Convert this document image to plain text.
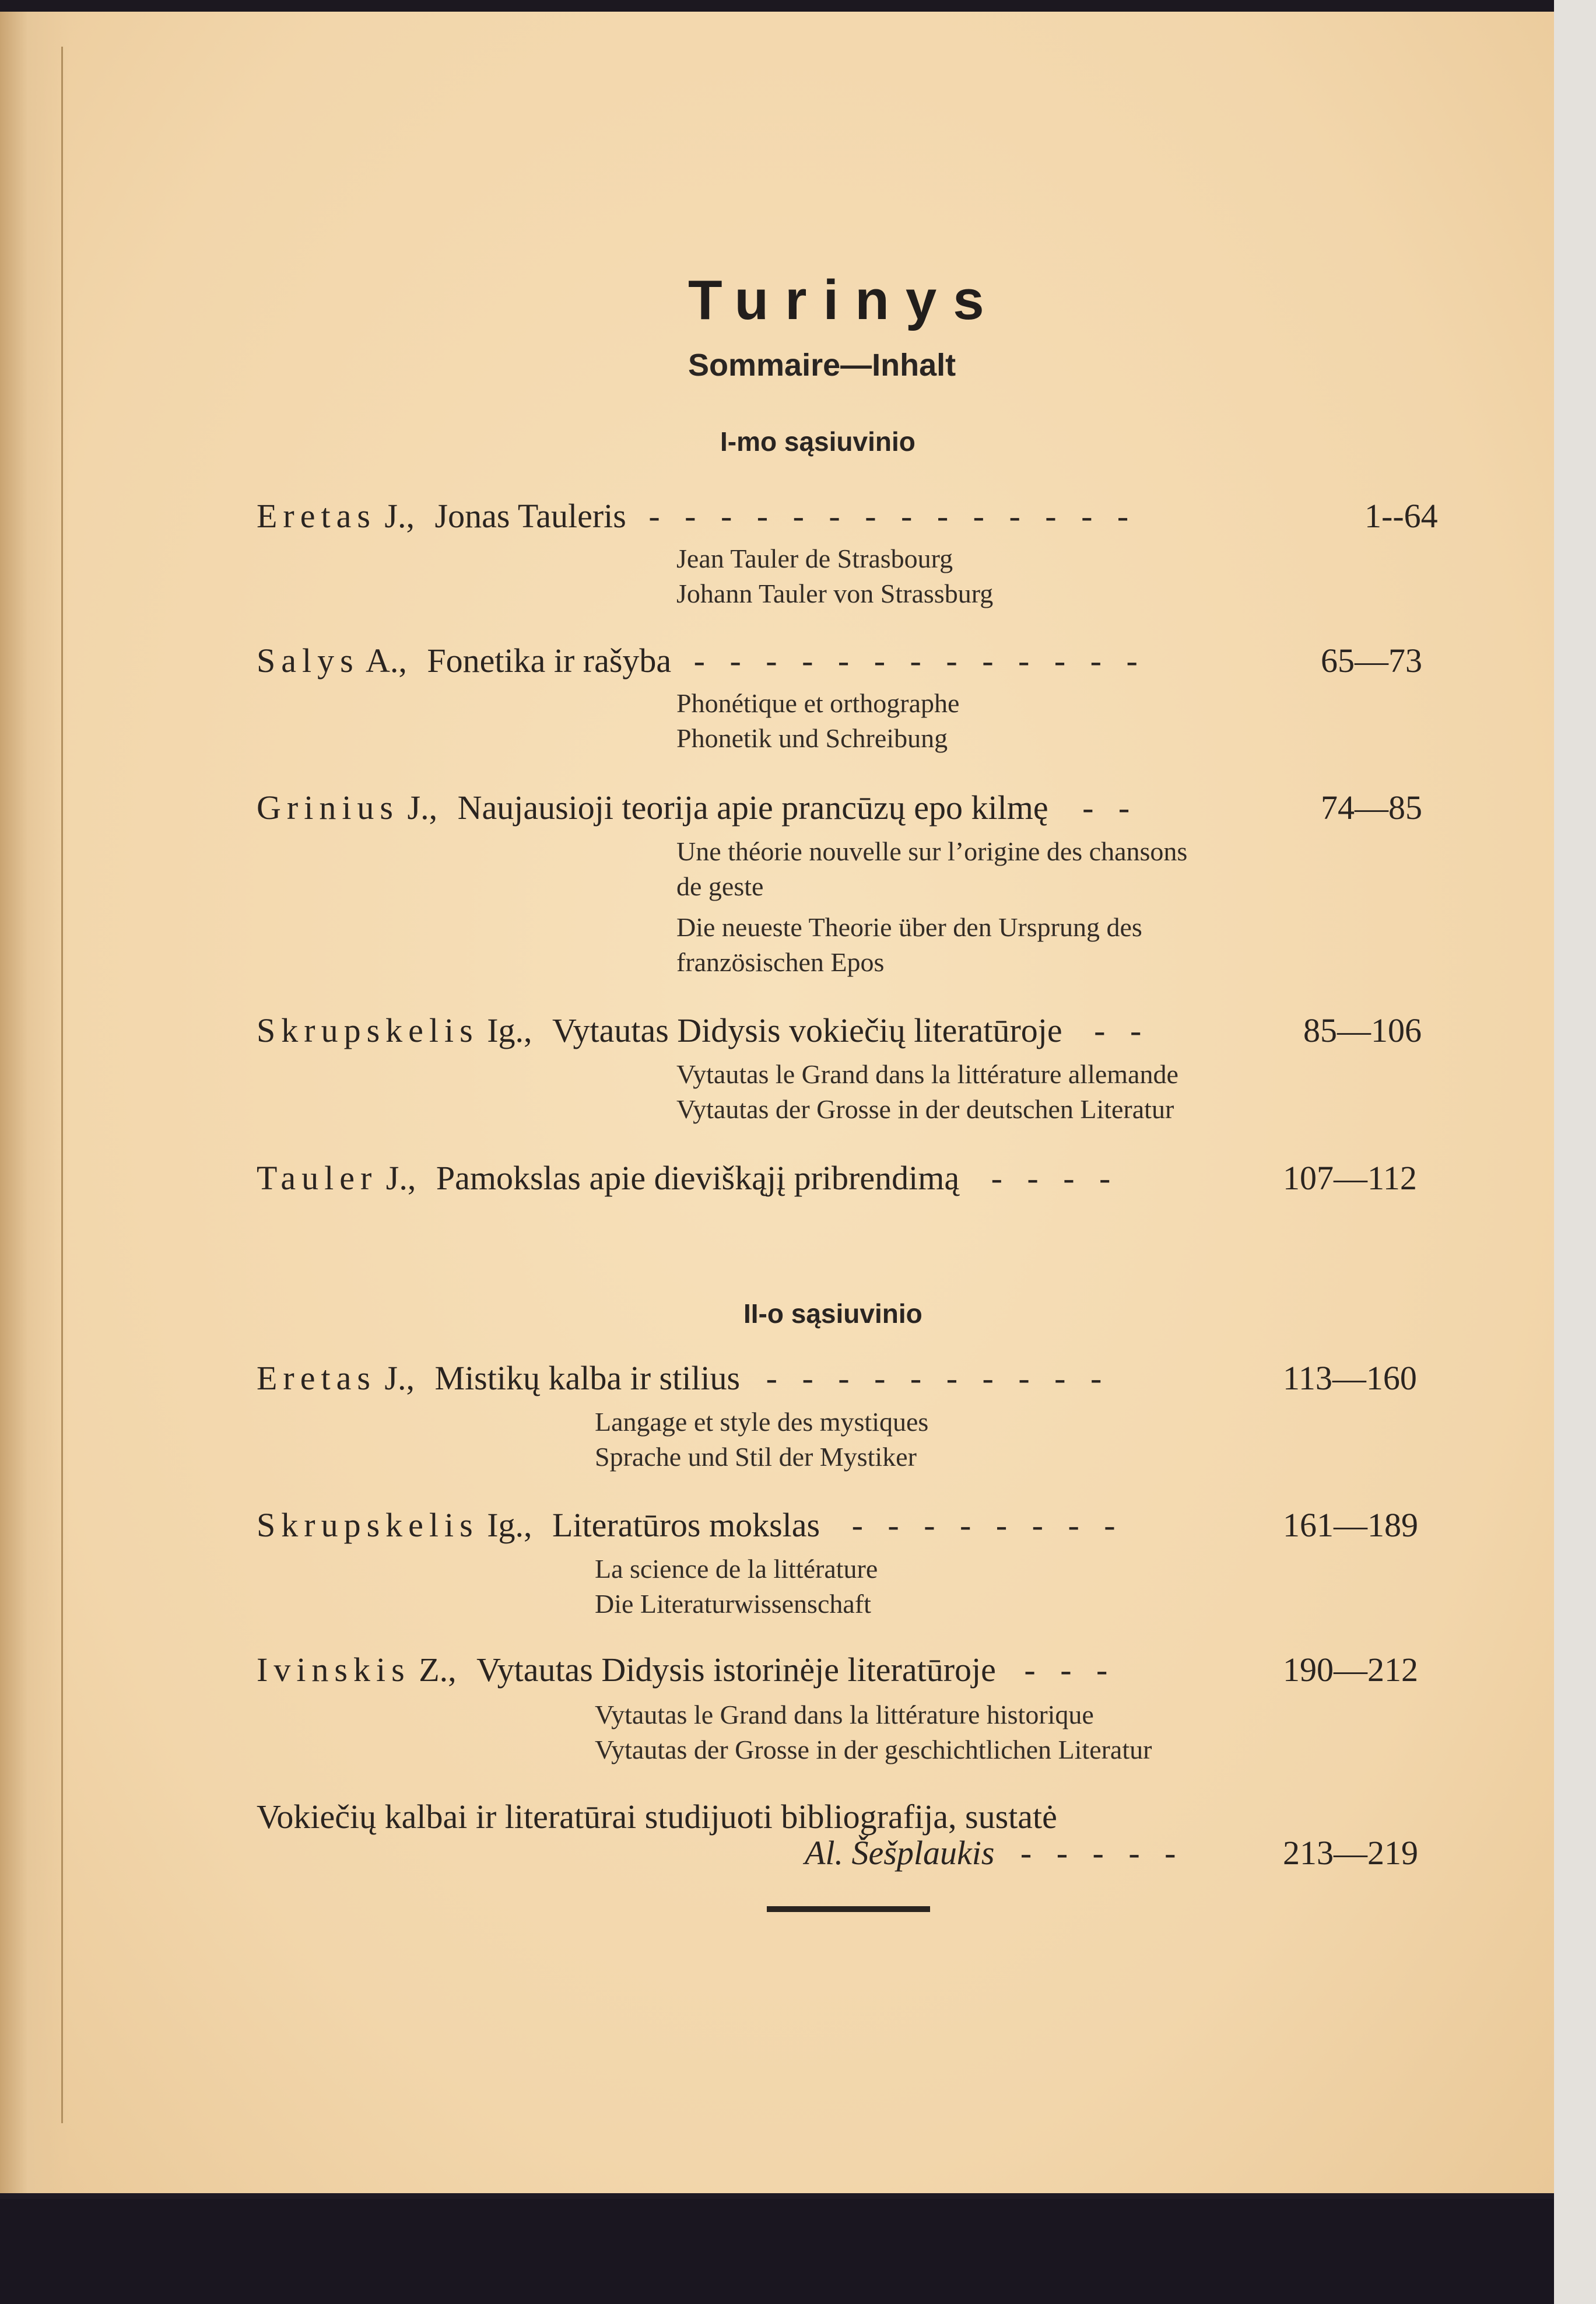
Turinys
Sommaire—Inhalt
I-mo sąsiuvinio
Eretas J., Jonas Tauleris - - - - - - - - - - - - - -	1--64
Jean Tauler de Strasbourg
Johann Tauler von Strassburg
Salys A., Fonetika ir rašyba - - - - - - - - - - - - -	65—73
Phonétique et orthographe
Phonetik und Schreibung
Grinius J., Naujausioji teorija apie prancūzų epo kilmę - -	74—85
Une théorie nouvelle sur l’origine des chansons
de geste
Die neueste Theorie über den Ursprung des
französischen Epos
Skrupskelis Ig., Vytautas Didysis vokiečių literatūroje - -	85—106
Vytautas le Grand dans la littérature allemande
Vytautas der Grosse in der deutschen Literatur
Tauler J., Pamokslas apie dieviškąjį pribrendimą - - - -	107—112
II-o sąsiuvinio
Eretas J., Mistikų kalba ir stilius - - - - - - - - - -	113—160
Langage et style des mystiques
Sprache und Stil der Mystiker
Skrupskelis Ig., Literatūros mokslas - - - - - - - -	161—189
La science de la littérature
Die Literaturwissenschaft
Ivinskis Z., Vytautas Didysis istorinėje literatūroje - - -	190—212
Vytautas le Grand dans la littérature historique
Vytautas der Grosse in der geschichtlichen Literatur
Vokiečių kalbai ir literatūrai studijuoti bibliografija, sustatė
Al. Šešplaukis - - - - -	213—219
